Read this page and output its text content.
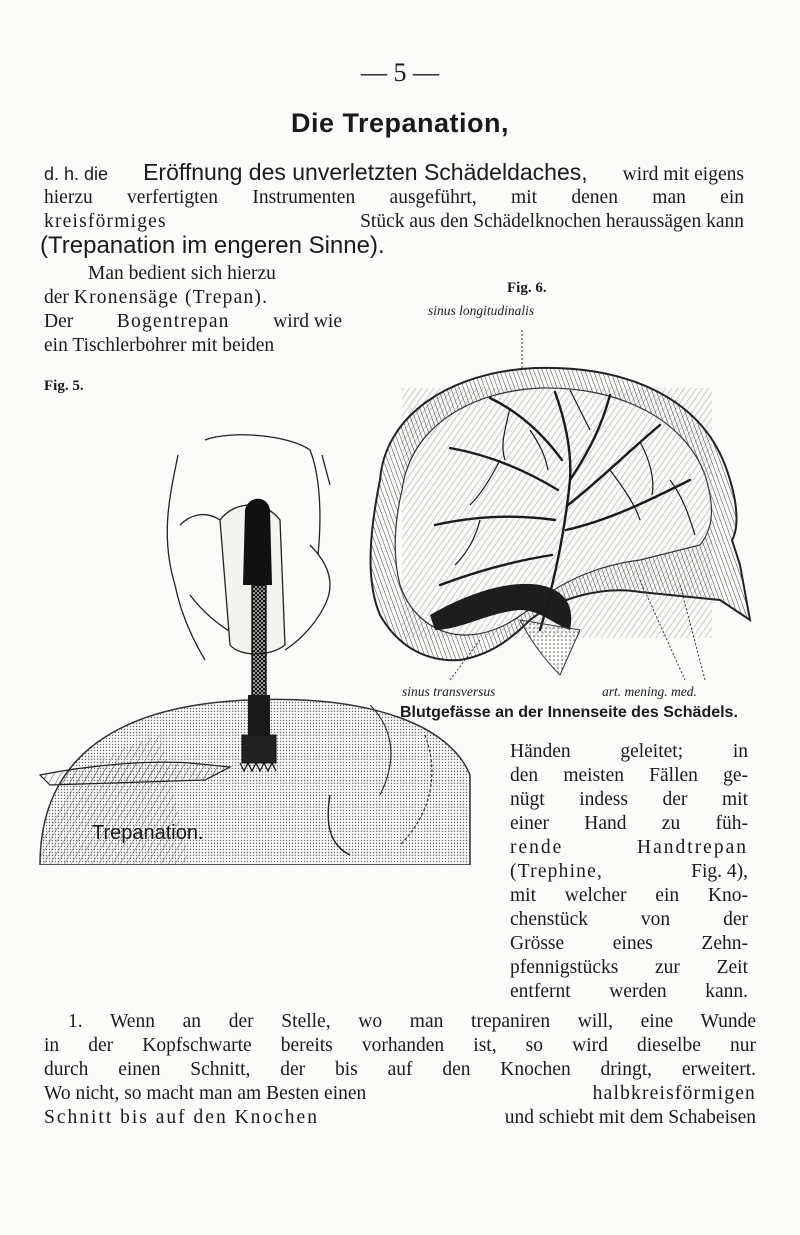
— 5 —
Die Trepanation,
d. h. die Eröffnung des unverletzten Schädeldaches, wird mit eigens
hierzu verfertigten Instrumenten ausgeführt, mit denen man ein
kreisförmiges	Stück aus den Schädelknochen heraussägen kann
(Trepanation im engeren Sinne).
Man bedient sich hierzu
der Kronensäge (Trepan).
Der Bogentrepan wird wie
ein Tischlerbohrer mit beiden
Fig. 6.
sinus longitudinalis
Fig. 5.
sinus transversus	art. mening. med.
Blutgefässe an der Innenseite des Schädels.
Trepanation.
Händen geleitet; in
den meisten Fällen ge-
nügt indess der mit
einer Hand zu füh-
rende Handtrepan
(Trephine,	Fig. 4),
mit welcher ein Kno-
chenstück von der
Grösse eines Zehn-
pfennigstücks zur Zeit
entfernt werden kann.
1. Wenn an der Stelle, wo man trepaniren will, eine Wunde
in der Kopfschwarte bereits vorhanden ist, so wird dieselbe nur
durch einen Schnitt, der bis auf den Knochen dringt, erweitert.
Wo nicht, so macht man am Besten einen	halbkreisförmigen
Schnitt bis auf den Knochen	und schiebt mit dem Schabeisen
